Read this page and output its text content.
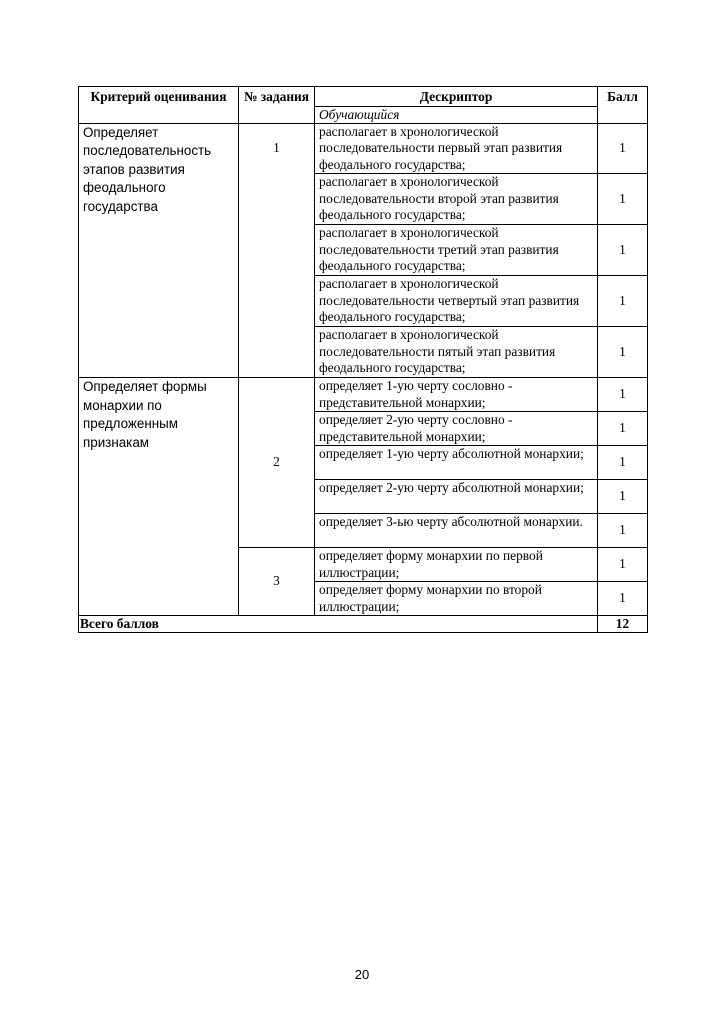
Критерий оценивания	№ задания	Дескриптор	Балл
		Обучающийся	
Определяет последовательность этапов развития феодального государства	1	располагает в хронологической последовательности первый этап развития феодального государства;	1
		располагает в хронологической последовательности второй этап развития феодального государства;	1
		располагает в хронологической последовательности третий этап развития феодального государства;	1
		располагает в хронологической последовательности четвертый этап развития феодального государства;	1
		располагает в хронологической последовательности пятый этап развития феодального государства;	1
Определяет формы монархии по предложенным признакам	2	определяет 1-ую черту сословно - представительной монархии;	1
		определяет 2-ую черту сословно - представительной монархии;	1
		определяет 1-ую черту абсолютной монархии;	1
		определяет 2-ую черту абсолютной монархии;	1
		определяет 3-ью черту абсолютной монархии.	1
	3	определяет форму монархии по первой иллюстрации;	1
		определяет форму монархии по второй иллюстрации;	1
Всего баллов			12
20
